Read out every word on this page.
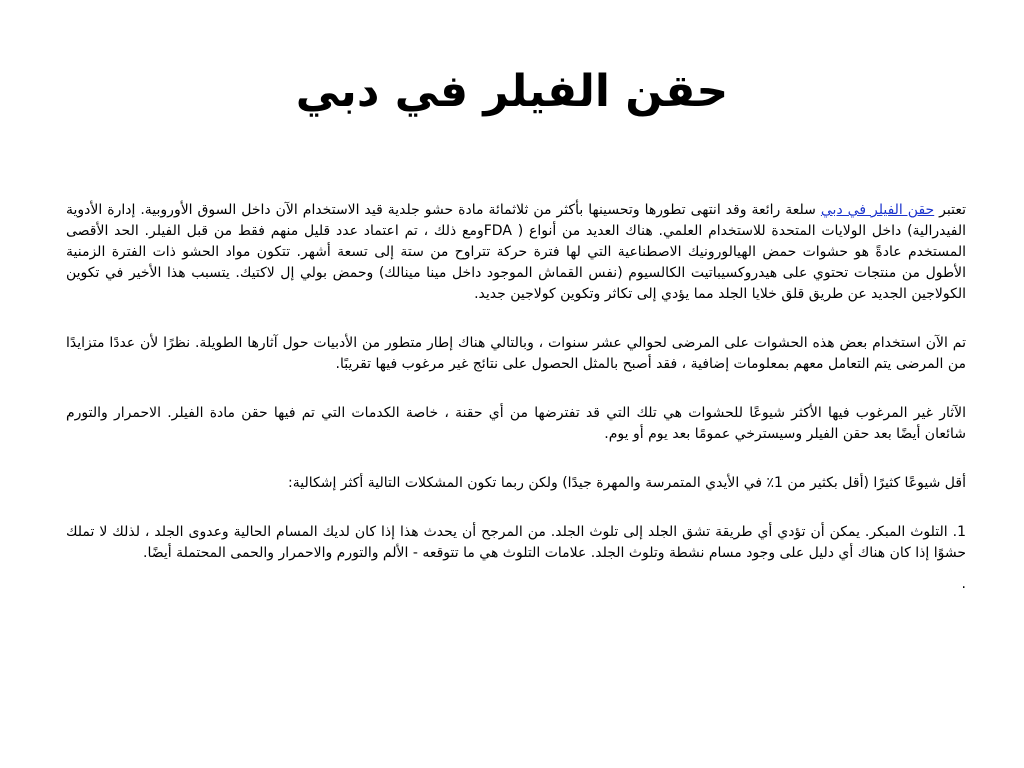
حقن الفيلر في دبي

تعتبر حقن الفيلر في دبي سلعة رائعة وقد انتهى تطورها وتحسينها بأكثر من ثلاثمائة مادة حشو جلدية قيد الاستخدام الآن داخل السوق الأوروبية. إدارة الأدوية الفيدرالية) داخل الولايات المتحدة للاستخدام العلمي. هناك العديد من أنواع ( FDAومع ذلك ، تم اعتماد عدد قليل منهم فقط من قبل الفيلر. الحد الأقصى المستخدم عادةً هو حشوات حمض الهيالورونيك الاصطناعية التي لها فترة حركة تتراوح من ستة إلى تسعة أشهر. تتكون مواد الحشو ذات الفترة الزمنية الأطول من منتجات تحتوي على هيدروكسيباتيت الكالسيوم (نفس القماش الموجود داخل مينا مينالك) وحمض بولي إل لاكتيك. يتسبب هذا الأخير في تكوين الكولاجين الجديد عن طريق قلق خلايا الجلد مما يؤدي إلى تكاثر وتكوين كولاجين جديد.

تم الآن استخدام بعض هذه الحشوات على المرضى لحوالي عشر سنوات ، وبالتالي هناك إطار متطور من الأدبيات حول آثارها الطويلة. نظرًا لأن عددًا متزايدًا من المرضى يتم التعامل معهم بمعلومات إضافية ، فقد أصبح بالمثل الحصول على نتائج غير مرغوب فيها تقريبًا.

الآثار غير المرغوب فيها الأكثر شيوعًا للحشوات هي تلك التي قد تفترضها من أي حقنة ، خاصة الكدمات التي تم فيها حقن مادة الفيلر. الاحمرار والتورم شائعان أيضًا بعد حقن الفيلر وسيسترخي عمومًا بعد يوم أو يوم.

أقل شيوعًا كثيرًا (أقل بكثير من 1٪ في الأيدي المتمرسة والمهرة جيدًا) ولكن ربما تكون المشكلات التالية أكثر إشكالية:

1. التلوث المبكر. يمكن أن تؤدي أي طريقة تشق الجلد إلى تلوث الجلد. من المرجح أن يحدث هذا إذا كان لديك المسام الحالية وعدوى الجلد ، لذلك لا تملك حشوًا إذا كان هناك أي دليل على وجود مسام نشطة وتلوث الجلد. علامات التلوث هي ما تتوقعه - الألم والتورم والاحمرار والحمى المحتملة أيضًا.

.
